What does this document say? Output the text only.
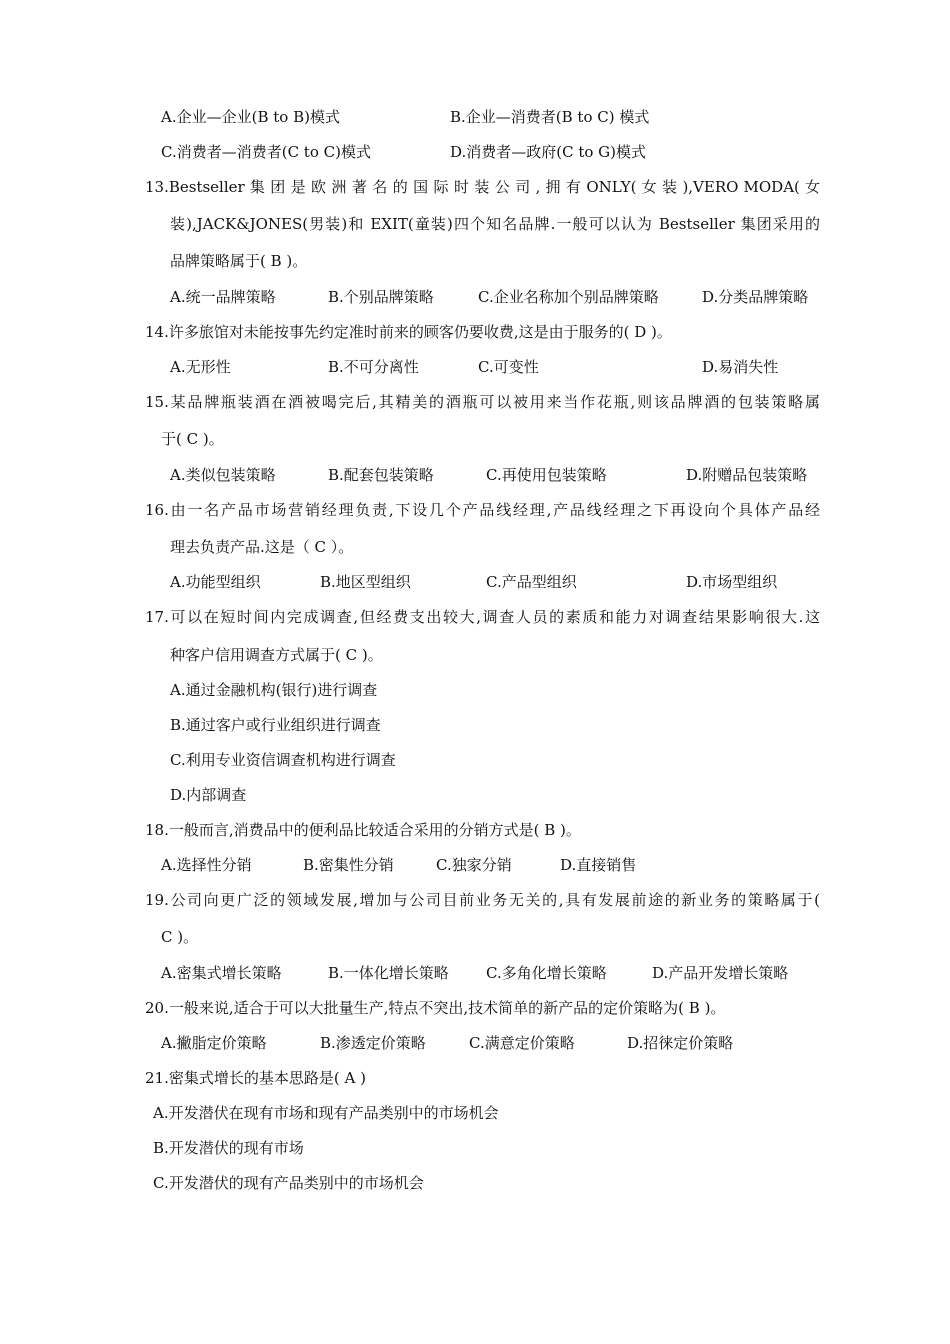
A.企业—企业(B to B)模式	B.企业—消费者(B to C) 模式
C.消费者—消费者(C to C)模式	D.消费者—政府(C to G)模式
13.Bestseller 集 团 是 欧 洲 著 名 的 国 际 时 装 公 司 , 拥 有 ONLY( 女 装 ),VERO MODA( 女
装),JACK&JONES(男装)和 EXIT(童装)四个知名品牌.一般可以认为 Bestseller 集团采用的
品牌策略属于( B )。
A.统一品牌策略	B.个别品牌策略	C.企业名称加个别品牌策略	D.分类品牌策略
14.许多旅馆对未能按事先约定准时前来的顾客仍要收费,这是由于服务的( D )。
A.无形性	B.不可分离性	C.可变性	D.易消失性
15.某品牌瓶装酒在酒被喝完后,其精美的酒瓶可以被用来当作花瓶,则该品牌酒的包装策略属
于( C )。
A.类似包装策略	B.配套包装策略	C.再使用包装策略	D.附赠品包装策略
16.由一名产品市场营销经理负责,下设几个产品线经理,产品线经理之下再设向个具体产品经
理去负责产品.这是（ C ）。
A.功能型组织	B.地区型组织	C.产品型组织	D.市场型组织
17.可以在短时间内完成调查,但经费支出较大,调查人员的素质和能力对调查结果影响很大.这
种客户信用调查方式属于( C )。
A.通过金融机构(银行)进行调查
B.通过客户或行业组织进行调查
C.利用专业资信调查机构进行调查
D.内部调查
18.一般而言,消费品中的便利品比较适合采用的分销方式是( B )。
A.选择性分销	B.密集性分销	C.独家分销	D.直接销售
19.公司向更广泛的领域发展,增加与公司目前业务无关的,具有发展前途的新业务的策略属于(
C )。
A.密集式增长策略	B.一体化增长策略 C.多角化增长策略	D.产品开发增长策略
20.一般来说,适合于可以大批量生产,特点不突出,技术简单的新产品的定价策略为( B )。
A.撇脂定价策略	B.渗透定价策略	C.满意定价策略	D.招徕定价策略
21.密集式增长的基本思路是( A )
A.开发潜伏在现有市场和现有产品类别中的市场机会
B.开发潜伏的现有市场
C.开发潜伏的现有产品类别中的市场机会
